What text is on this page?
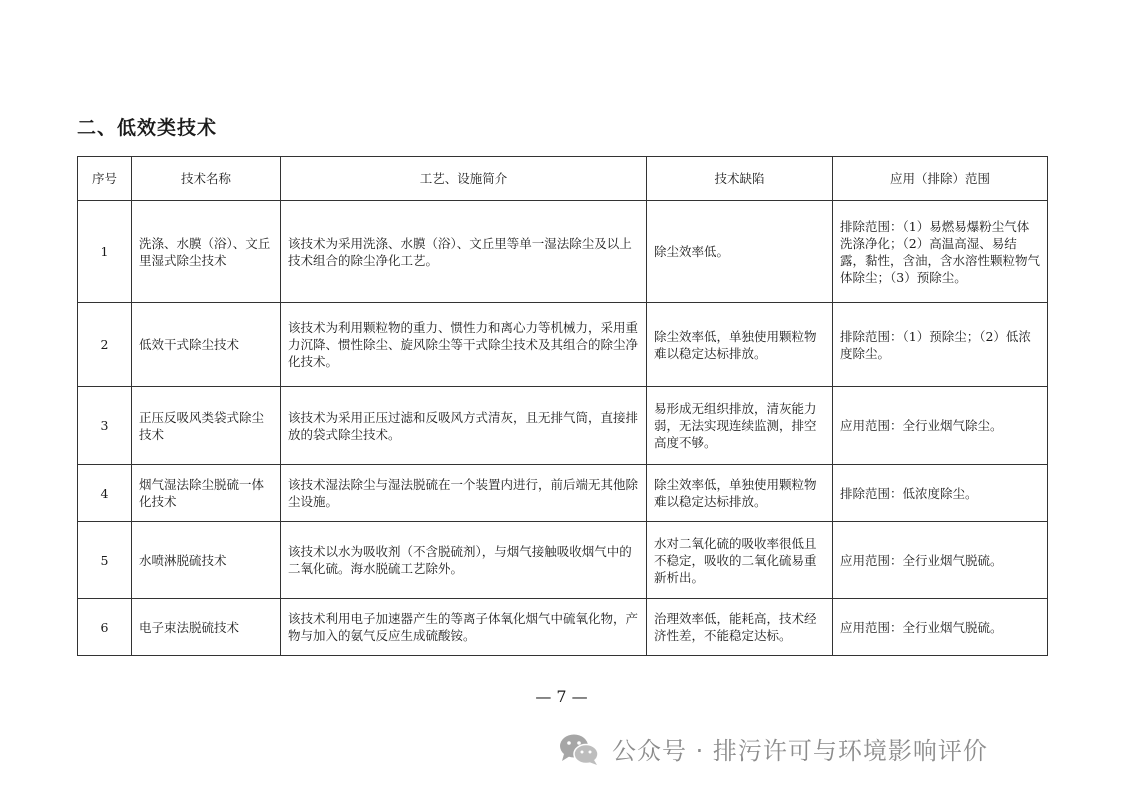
二、低效类技术
序号	技术名称	工艺、设施简介	技术缺陷	应用（排除）范围
1	洗涤、水膜（浴）、文丘里湿式除尘技术	该技术为采用洗涤、水膜（浴）、文丘里等单一湿法除尘及以上技术组合的除尘净化工艺。	除尘效率低。	排除范围：（1）易燃易爆粉尘气体洗涤净化；（2）高温高湿、易结露，黏性，含油，含水溶性颗粒物气体除尘；（3）预除尘。
2	低效干式除尘技术	该技术为利用颗粒物的重力、惯性力和离心力等机械力，采用重力沉降、惯性除尘、旋风除尘等干式除尘技术及其组合的除尘净化技术。	除尘效率低，单独使用颗粒物难以稳定达标排放。	排除范围：（1）预除尘；（2）低浓度除尘。
3	正压反吸风类袋式除尘技术	该技术为采用正压过滤和反吸风方式清灰，且无排气筒，直接排放的袋式除尘技术。	易形成无组织排放，清灰能力弱，无法实现连续监测，排空高度不够。	应用范围：全行业烟气除尘。
4	烟气湿法除尘脱硫一体化技术	该技术湿法除尘与湿法脱硫在一个装置内进行，前后端无其他除尘设施。	除尘效率低，单独使用颗粒物难以稳定达标排放。	排除范围：低浓度除尘。
5	水喷淋脱硫技术	该技术以水为吸收剂（不含脱硫剂），与烟气接触吸收烟气中的二氧化硫。海水脱硫工艺除外。	水对二氧化硫的吸收率很低且不稳定，吸收的二氧化硫易重新析出。	应用范围：全行业烟气脱硫。
6	电子束法脱硫技术	该技术利用电子加速器产生的等离子体氧化烟气中硫氧化物，产物与加入的氨气反应生成硫酸铵。	治理效率低，能耗高，技术经济性差，不能稳定达标。	应用范围：全行业烟气脱硫。
— 7 —
公众号 · 排污许可与环境影响评价
